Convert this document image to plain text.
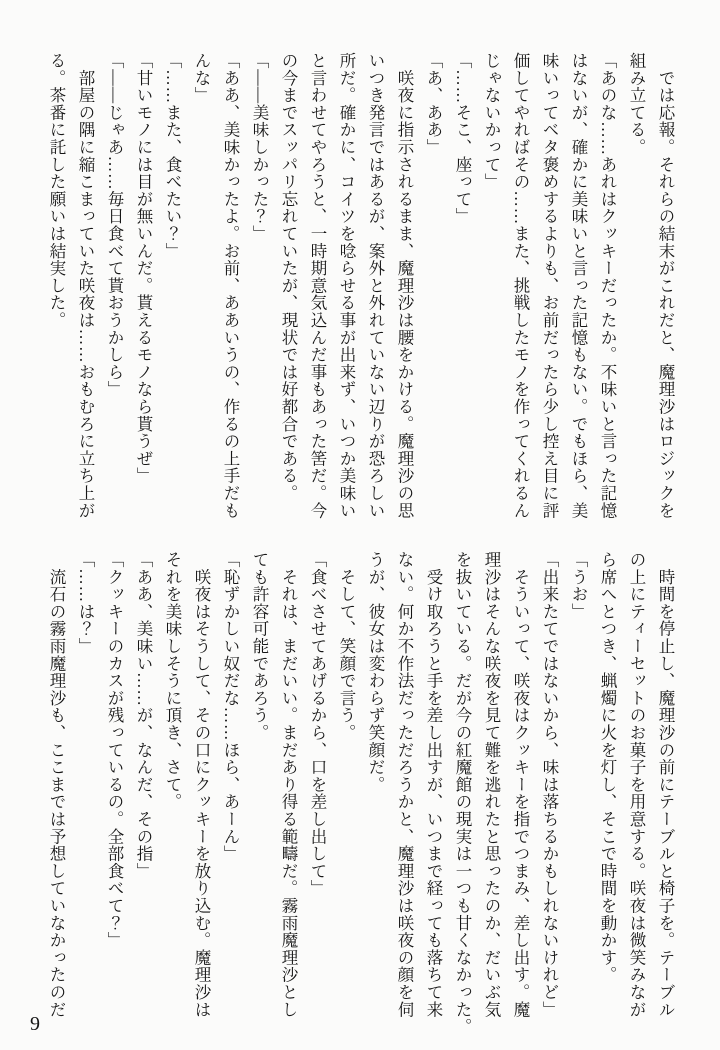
　では応報。それらの結末がこれだと、魔理沙はロジックを
組み立てる。
「あのな……あれはクッキーだったか。不味いと言った記憶
はないが、確かに美味いと言った記憶もない。でもほら、美
味いってベタ褒めするよりも、お前だったら少し控え目に評
価してやればその……また、挑戦したモノを作ってくれるん
じゃないかって」
「……そこ、座って」
「あ、ああ」
　咲夜に指示されるまま、魔理沙は腰をかける。魔理沙の思
いつき発言ではあるが、案外と外れていない辺りが恐ろしい
所だ。確かに、コイツを唸らせる事が出来ず、いつか美味い
と言わせてやろうと、一時期意気込んだ事もあった筈だ。今
の今までスッパリ忘れていたが、現状では好都合である。
「――美味しかった？」
「ああ、美味かったよ。お前、ああいうの、作るの上手だも
んな」
「……また、食べたい？」
「甘いモノには目が無いんだ。貰えるモノなら貰うぜ」
「――じゃあ……毎日食べて貰おうかしら」
　部屋の隅に縮こまっていた咲夜は……おもむろに立ち上が
る。茶番に託した願いは結実した。
　時間を停止し、魔理沙の前にテーブルと椅子を。テーブル
の上にティーセットのお菓子を用意する。咲夜は微笑みなが
ら席へとつき、蝋燭に火を灯し、そこで時間を動かす。
「うお」
「出来たてではないから、味は落ちるかもしれないけれど」
　そういって、咲夜はクッキーを指でつまみ、差し出す。魔
理沙はそんな咲夜を見て難を逃れたと思ったのか、だいぶ気
を抜いている。だが今の紅魔館の現実は一つも甘くなかった。
　受け取ろうと手を差し出すが、いつまで経っても落ちて来
ない。何か不作法だっただろうかと、魔理沙は咲夜の顔を伺
うが、彼女は変わらず笑顔だ。
　そして、笑顔で言う。
「食べさせてあげるから、口を差し出して」
　それは、まだいい。まだあり得る範疇だ。霧雨魔理沙とし
ても許容可能であろう。
「恥ずかしい奴だな……ほら、あーん」
　咲夜はそうして、その口にクッキーを放り込む。魔理沙は
それを美味しそうに頂き、さて。
「ああ、美味い……が、なんだ、その指」
「クッキーのカスが残っているの。全部食べて？」
「……は？」
　流石の霧雨魔理沙も、ここまでは予想していなかったのだ
9
